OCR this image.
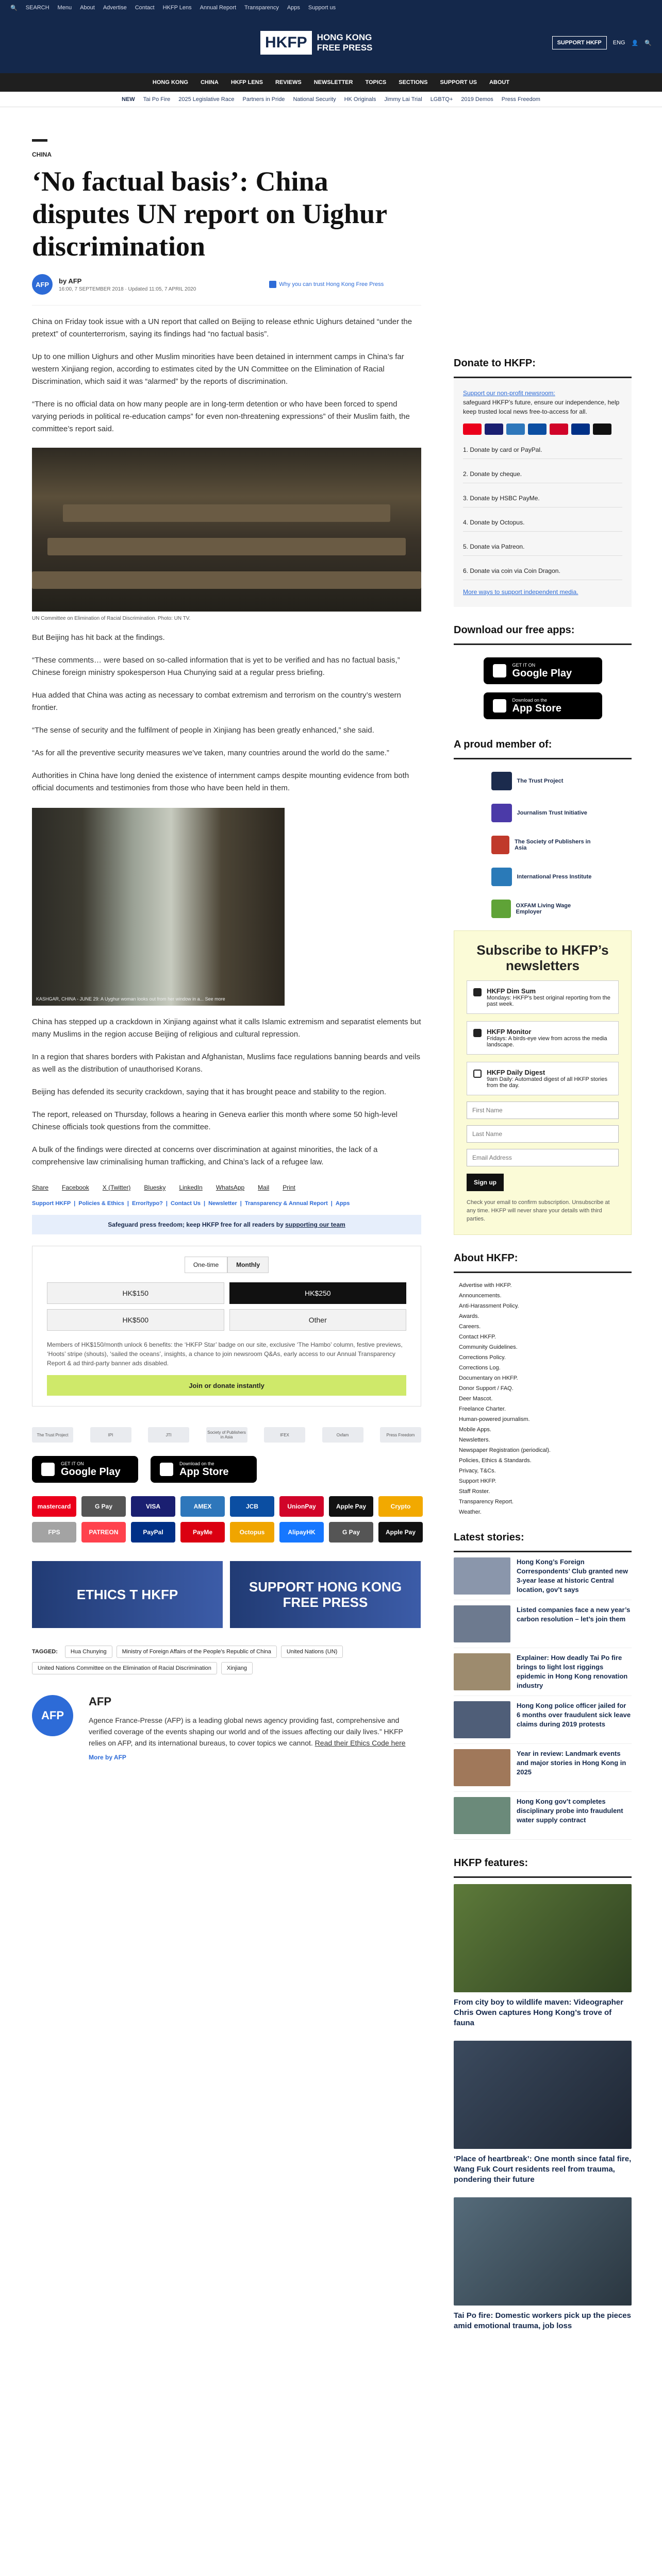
🔍 SEARCH Menu About Advertise Contact HKFP Lens Annual Report Transparency Apps Support us
HKFP	HONG KONG FREE PRESS	SUPPORT HKFP	ENG 👤 🔍
HONG KONG CHINA HKFP LENS REVIEWS NEWSLETTER TOPICS SECTIONS SUPPORT US ABOUT
NEW Tai Po Fire 2025 Legislative Race Partners in Pride National Security HK Originals Jimmy Lai Trial LGBTQ+ 2019 Demos Press Freedom
CHINA
‘No factual basis’: China disputes UN report on Uighur discrimination
AFP	by AFP
16:00, 7 SEPTEMBER 2018 · Updated 11:05, 7 APRIL 2020
Why you can trust Hong Kong Free Press

China on Friday took issue with a UN report that called on Beijing to release ethnic Uighurs detained “under the pretext” of counterterrorism, saying its findings had “no factual basis”.

Up to one million Uighurs and other Muslim minorities have been detained in internment camps in China’s far western Xinjiang region, according to estimates cited by the UN Committee on the Elimination of Racial Discrimination, which said it was “alarmed” by the reports of discrimination.

“There is no official data on how many people are in long-term detention or who have been forced to spend varying periods in political re-education camps” for even non-threatening expressions” of their Muslim faith, the committee’s report said.

UN Committee on Elimination of Racial Discrimination. Photo: UN TV.

But Beijing has hit back at the findings.

“These comments… were based on so-called information that is yet to be verified and has no factual basis,” Chinese foreign ministry spokesperson Hua Chunying said at a regular press briefing.

Hua added that China was acting as necessary to combat extremism and terrorism on the country’s western frontier.

“The sense of security and the fulfilment of people in Xinjiang has been greatly enhanced,” she said.

“As for all the preventive security measures we’ve taken, many countries around the world do the same.”

Authorities in China have long denied the existence of internment camps despite mounting evidence from both official documents and testimonies from those who have been held in them.

KASHGAR, CHINA - JUNE 29: A Uyghur woman looks out from her window in a... See more

China has stepped up a crackdown in Xinjiang against what it calls Islamic extremism and separatist elements but many Muslims in the region accuse Beijing of religious and cultural repression.

In a region that shares borders with Pakistan and Afghanistan, Muslims face regulations banning beards and veils as well as the distribution of unauthorised Korans.

Beijing has defended its security crackdown, saying that it has brought peace and stability to the region.

The report, released on Thursday, follows a hearing in Geneva earlier this month where some 50 high-level Chinese officials took questions from the committee.

A bulk of the findings were directed at concerns over discrimination at against minorities, the lack of a comprehensive law criminalising human trafficking, and China’s lack of a refugee law.

Share Facebook X (Twitter) Bluesky LinkedIn WhatsApp Mail Print
Support HKFP | Policies & Ethics | Error/typo? | Contact Us | Newsletter | Transparency & Annual Report | Apps
Safeguard press freedom; keep HKFP free for all readers by supporting our team
One-time	Monthly
HK$150	HK$250
HK$500	Other
Members of HK$150/month unlock 6 benefits: the ‘HKFP Star’ badge on our site, exclusive ‘The Hambo’ column, festive previews, ‘Hoots’ stripe (shouts), ‘sailed the oceans’, insights, a chance to join newsroom Q&As, early access to our Annual Transparency Report & ad third-party banner ads disabled.
Join or donate instantly
The Trust Project	IPI	JTI	Society of Publishers in Asia	IFEX	Oxfam	Press Freedom
GET IT ON
Google Play
Download on the
App Store
mastercard	G Pay	VISA	AMEX	JCB	UnionPay	Apple Pay	Crypto
FPS	PATREON	PayPal	PayMe	Octopus	AlipayHK	G Pay	Apple Pay
ETHICS T HKFP	SUPPORT HONG KONG FREE PRESS
TAGGED:	Hua Chunying	Ministry of Foreign Affairs of the People's Republic of China	United Nations (UN)
United Nations Committee on the Elimination of Racial Discrimination	Xinjiang
AFP
AFP

Agence France-Presse (AFP) is a leading global news agency providing fast, comprehensive and verified coverage of the events shaping our world and of the issues affecting our daily lives.” HKFP relies on AFP, and its international bureaus, to cover topics we cannot. Read their Ethics Code here

More by AFP
Donate to HKFP:
Support our non-profit newsroom:
safeguard HKFP’s future, ensure our independence, help keep trusted local news free-to-access for all.
1. Donate by card or PayPal.
2. Donate by cheque.
3. Donate by HSBC PayMe.
4. Donate by Octopus.
5. Donate via Patreon.
6. Donate via coin via Coin Dragon.
More ways to support independent media.
Download our free apps:
GET IT ON
Google Play
Download on the
App Store
A proud member of:
The Trust Project
Journalism Trust Initiative
The Society of Publishers in Asia
International Press Institute
OXFAM Living Wage Employer
Subscribe to HKFP’s newsletters
HKFP Dim Sum
Mondays: HKFP's best original reporting from the past week.
HKFP Monitor
Fridays: A birds-eye view from across the media landscape.
HKFP Daily Digest
9am Daily: Automated digest of all HKFP stories from the day.
First Name
Last Name
Email Address
Sign up
Check your email to confirm subscription. Unsubscribe at any time. HKFP will never share your details with third parties.
About HKFP:
Advertise with HKFP.
Announcements.
Anti-Harassment Policy.
Awards.
Careers.
Contact HKFP.
Community Guidelines.
Corrections Policy.
Corrections Log.
Documentary on HKFP.
Donor Support / FAQ.
Deer Mascot.
Freelance Charter.
Human-powered journalism.
Mobile Apps.
Newsletters.
Newspaper Registration (periodical).
Policies, Ethics & Standards.
Privacy, T&Cs.
Support HKFP.
Staff Roster.
Transparency Report.
Weather.
Latest stories:
Hong Kong’s Foreign Correspondents’ Club granted new 3-year lease at historic Central location, gov’t says
Listed companies face a new year’s carbon resolution – let’s join them
Explainer: How deadly Tai Po fire brings to light lost riggings epidemic in Hong Kong renovation industry
Hong Kong police officer jailed for 6 months over fraudulent sick leave claims during 2019 protests
Year in review: Landmark events and major stories in Hong Kong in 2025
Hong Kong gov’t completes disciplinary probe into fraudulent water supply contract
HKFP features:
From city boy to wildlife maven: Videographer Chris Owen captures Hong Kong’s trove of fauna
‘Place of heartbreak’: One month since fatal fire, Wang Fuk Court residents reel from trauma, pondering their future
Tai Po fire: Domestic workers pick up the pieces amid emotional trauma, job loss
